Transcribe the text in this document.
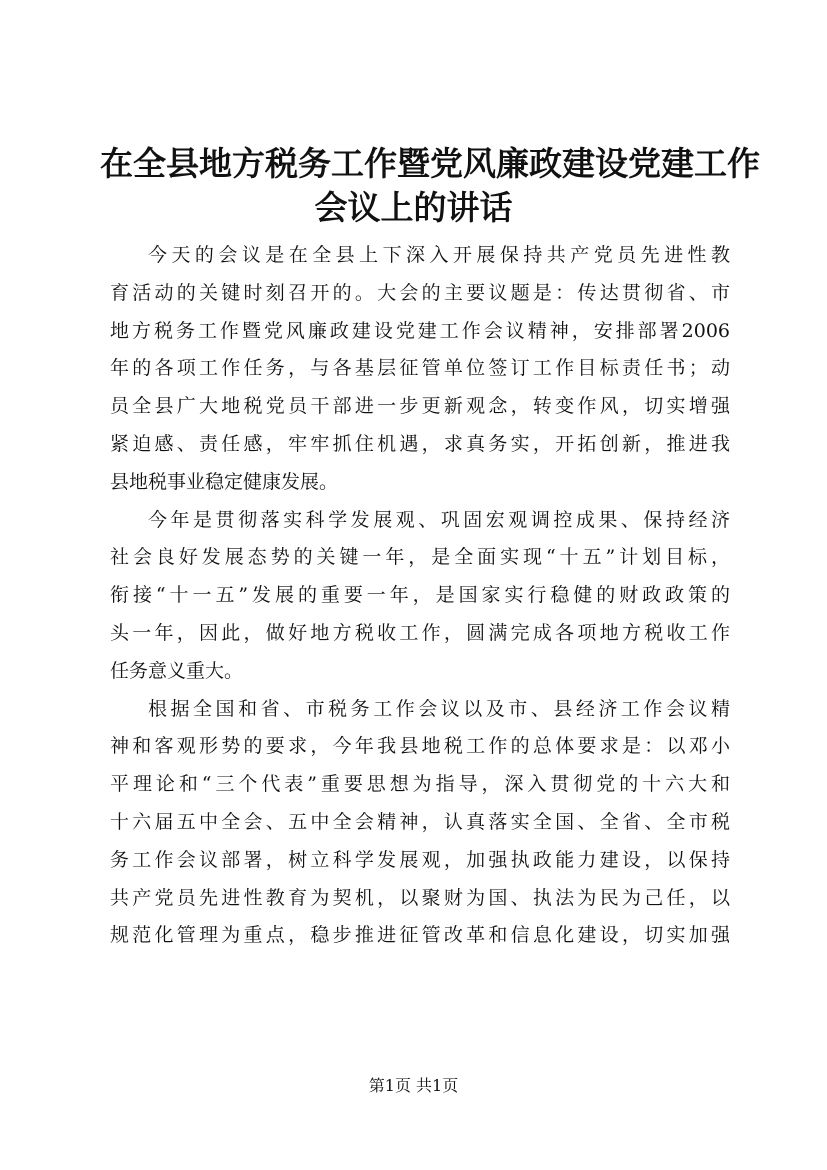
在全县地方税务工作暨党风廉政建设党建工作
会议上的讲话

今天的会议是在全县上下深入开展保持共产党员先进性教
育活动的关键时刻召开的。大会的主要议题是：传达贯彻省、市
地方税务工作暨党风廉政建设党建工作会议精神，安排部署2006
年的各项工作任务，与各基层征管单位签订工作目标责任书；动
员全县广大地税党员干部进一步更新观念，转变作风，切实增强
紧迫感、责任感，牢牢抓住机遇，求真务实，开拓创新，推进我
县地税事业稳定健康发展。

今年是贯彻落实科学发展观、巩固宏观调控成果、保持经济
社会良好发展态势的关键一年，是全面实现“十五”计划目标，
衔接“十一五”发展的重要一年，是国家实行稳健的财政政策的
头一年，因此，做好地方税收工作，圆满完成各项地方税收工作
任务意义重大。

根据全国和省、市税务工作会议以及市、县经济工作会议精
神和客观形势的要求，今年我县地税工作的总体要求是：以邓小
平理论和“三个代表”重要思想为指导，深入贯彻党的十六大和
十六届五中全会、五中全会精神，认真落实全国、全省、全市税
务工作会议部署，树立科学发展观，加强执政能力建设，以保持
共产党员先进性教育为契机，以聚财为国、执法为民为己任，以
规范化管理为重点，稳步推进征管改革和信息化建设，切实加强

第1页 共1页
